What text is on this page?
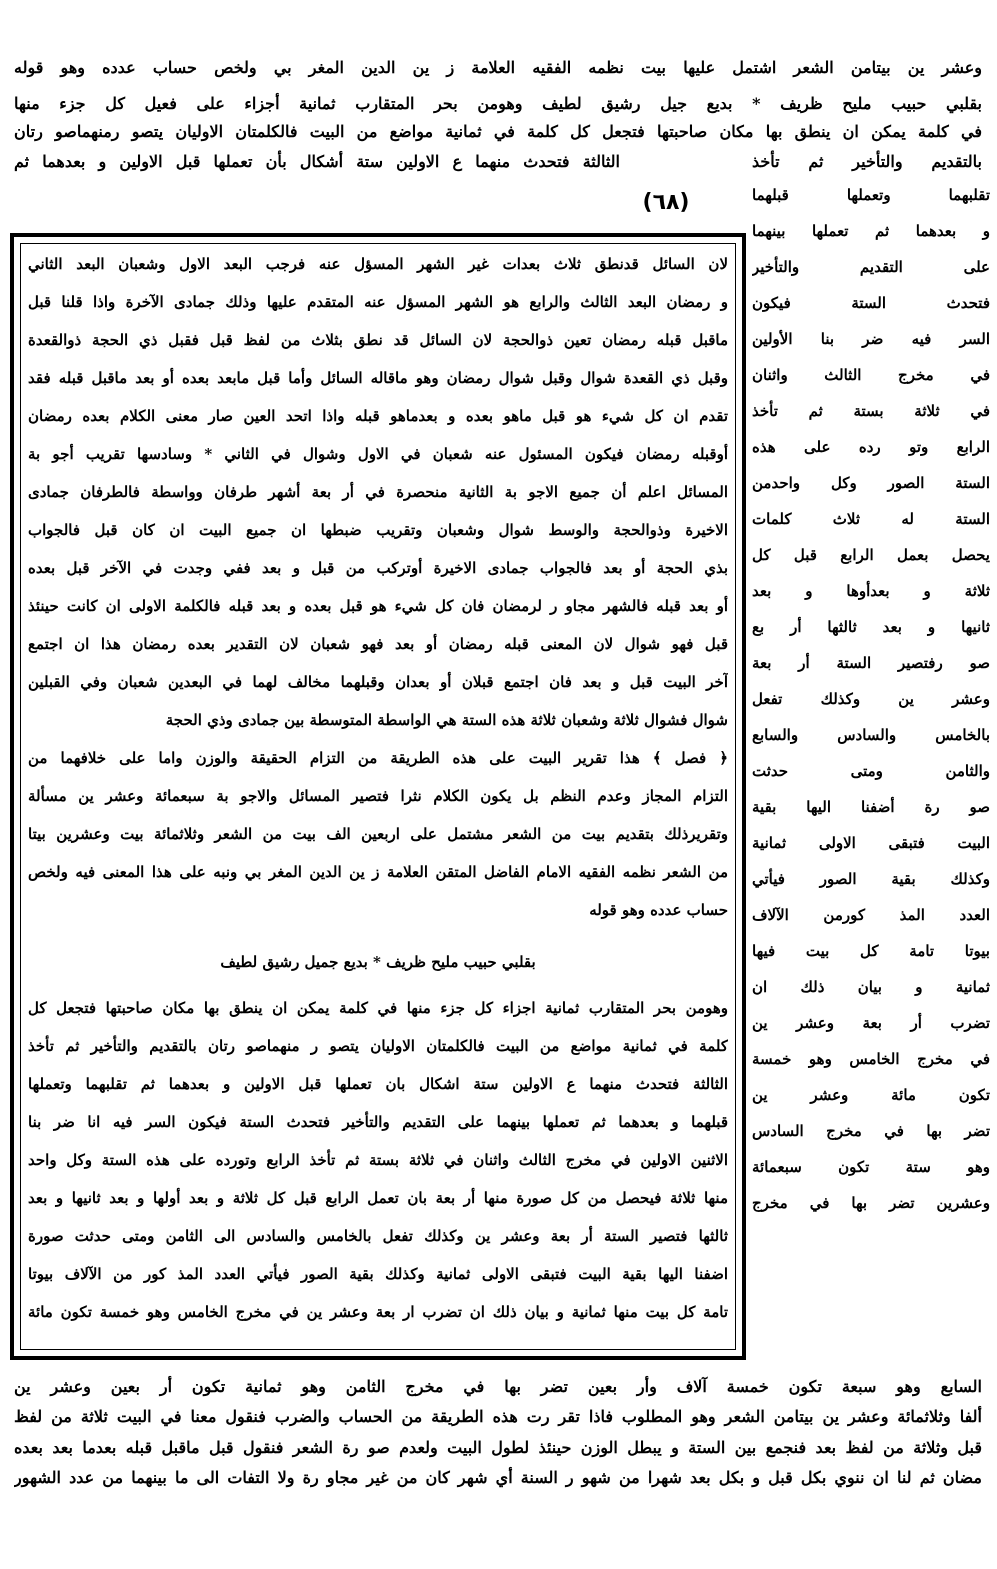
وعشر ين بيتامن الشعر اشتمل عليها بيت نظمه الفقيه العلامة ز ين الدين المغر بي ولخص حساب عدده وهو قوله
بقلبي حبيب مليح ظريف * بديع جيل رشيق لطيف وهومن بحر المتقارب ثمانية أجزاء على فعيل كل جزء منها
في كلمة يمكن ان ينطق بها مكان صاحبتها فتجعل كل كلمة في ثمانية مواضع من البيت فالكلمتان الاوليان يتصو رمنهماصو رتان
الثالثة فتحدث منهما ع الاولين ستة أشكال بأن تعملها قبل الاولين و بعدهما ثم
(٦٨)
بالتقديم والتأخير ثم تأخذ
تقلبهما وتعملها قبلهما
و بعدهما ثم تعملها بينهما
على التقديم والتأخير
فتحدث الستة فيكون
السر فيه ضر بنا الأولين
في مخرج الثالث واثنان
في ثلاثة بستة ثم تأخذ
الرابع وتو رده على هذه
الستة الصور وكل واحدمن
الستة له ثلاث كلمات
يحصل بعمل الرابع قبل كل
ثلاثة و بعدأوها و بعد
ثانيها و بعد ثالثها أر بع
صو رفتصير الستة أر بعة
وعشر ين وكذلك تفعل
بالخامس والسادس والسابع
والثامن ومتى حدثت
صو رة أضفنا اليها بقية
البيت فتبقى الاولى ثمانية
وكذلك بقية الصور فيأتي
العدد المذ كورمن الآلاف
بيوتا تامة كل بيت فيها
ثمانية و بيان ذلك ان
تضرب أر بعة وعشر ين
في مخرج الخامس وهو خمسة
تكون مائة وعشر ين
تضر بها في مخرج السادس
وهو ستة تكون سبعمائة
وعشرين تضر بها في مخرج
لان السائل قدنطق ثلاث بعدات غير الشهر المسؤل عنه فرجب البعد الاول وشعبان البعد الثاني
و رمضان البعد الثالث والرابع هو الشهر المسؤل عنه المتقدم عليها وذلك جمادى الآخرة واذا قلنا قبل
ماقبل قبله رمضان تعين ذوالحجة لان السائل قد نطق بثلاث من لفظ قبل فقبل ذي الحجة ذوالقعدة
وقبل ذي القعدة شوال وقبل شوال رمضان وهو ماقاله السائل وأما قبل مابعد بعده أو بعد ماقبل قبله فقد
تقدم ان كل شيء هو قبل ماهو بعده و بعدماهو قبله واذا اتحد العين صار معنى الكلام بعده رمضان
أوقبله رمضان فيكون المسئول عنه شعبان في الاول وشوال في الثاني * وسادسها تقريب أجو بة
المسائل اعلم أن جميع الاجو بة الثانية منحصرة في أر بعة أشهر طرفان وواسطة فالطرفان جمادى
الاخيرة وذوالحجة والوسط شوال وشعبان وتقريب ضبطها ان جميع البيت ان كان قبل فالجواب
بذي الحجة أو بعد فالجواب جمادى الاخيرة أوتركب من قبل و بعد ففي وجدت في الآخر قبل بعده
أو بعد قبله فالشهر مجاو ر لرمضان فان كل شيء هو قبل بعده و بعد قبله فالكلمة الاولى ان كانت حينئذ
قبل فهو شوال لان المعنى قبله رمضان أو بعد فهو شعبان لان التقدير بعده رمضان هذا ان اجتمع
آخر البيت قبل و بعد فان اجتمع قبلان أو بعدان وقبلهما مخالف لهما في البعدين شعبان وفي القبلين
شوال فشوال ثلاثة وشعبان ثلاثة هذه الستة هي الواسطة المتوسطة بين جمادى وذي الحجة
﴿ فصل ﴾ هذا تقرير البيت على هذه الطريقة من التزام الحقيقة والوزن واما على خلافهما من
التزام المجاز وعدم النظم بل يكون الكلام نثرا فتصير المسائل والاجو بة سبعمائة وعشر ين مسألة
وتقريرذلك بتقديم بيت من الشعر مشتمل على اربعين الف بيت من الشعر وثلاثمائة بيت وعشرين بيتا
من الشعر نظمه الفقيه الامام الفاضل المتقن العلامة ز ين الدين المغر بي ونبه على هذا المعنى فيه ولخص
حساب عدده وهو قوله
بقلبي حبيب مليح ظريف * بديع جميل رشيق لطيف
وهومن بحر المتقارب ثمانية اجزاء كل جزء منها في كلمة يمكن ان ينطق بها مكان صاحبتها فتجعل كل
كلمة في ثمانية مواضع من البيت فالكلمتان الاوليان يتصو ر منهماصو رتان بالتقديم والتأخير ثم تأخذ
الثالثة فتحدث منهما ع الاولين ستة اشكال بان تعملها قبل الاولين و بعدهما ثم تقلبهما وتعملها
قبلهما و بعدهما ثم تعملها بينهما على التقديم والتأخير فتحدث الستة فيكون السر فيه انا ضر بنا
الاثنين الاولين في مخرج الثالث واثنان في ثلاثة بستة ثم تأخذ الرابع وتورده على هذه الستة وكل واحد
منها ثلاثة فيحصل من كل صورة منها أر بعة بان تعمل الرابع قبل كل ثلاثة و بعد أولها و بعد ثانيها و بعد
ثالثها فتصير الستة أر بعة وعشر ين وكذلك تفعل بالخامس والسادس الى الثامن ومتى حدثت صورة
اضفنا اليها بقية البيت فتبقى الاولى ثمانية وكذلك بقية الصور فيأتي العدد المذ كور من الآلاف بيوتا
تامة كل بيت منها ثمانية و بيان ذلك ان تضرب ار بعة وعشر ين في مخرج الخامس وهو خمسة تكون مائة
السابع وهو سبعة تكون خمسة آلاف وأر بعين تضر بها في مخرج الثامن وهو ثمانية تكون أر بعين وعشر ين
ألفا وثلاثمائة وعشر ين بيتامن الشعر وهو المطلوب فاذا تقر رت هذه الطريقة من الحساب والضرب فنقول معنا في البيت ثلاثة من لفظ
قبل وثلاثة من لفظ بعد فنجمع بين الستة و يبطل الوزن حينئذ لطول البيت ولعدم صو رة الشعر فنقول قبل ماقبل قبله بعدما بعد بعده
مضان ثم لنا ان ننوي بكل قبل و بكل بعد شهرا من شهو ر السنة أي شهر كان من غير مجاو رة ولا التفات الى ما بينهما من عدد الشهور
